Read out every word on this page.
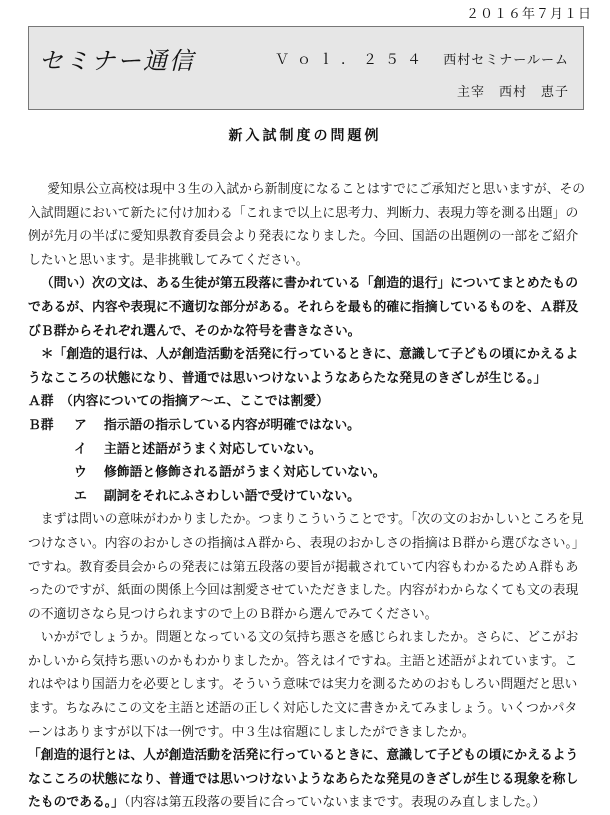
２０１６年７月１日
セミナー通信	Ｖｏｌ．２５４ 西村セミナールーム
主宰 西村　恵子
新入試制度の問題例

愛知県公立高校は現中３生の入試から新制度になることはすでにご承知だと思いますが、その入試問題において新たに付け加わる「これまで以上に思考力、判断力、表現力等を測る出題」の例が先月の半ばに愛知県教育委員会より発表になりました。今回、国語の出題例の一部をご紹介したいと思います。是非挑戦してみてください。

（問い）次の文は、ある生徒が第五段落に書かれている「創造的退行」についてまとめたものであるが、内容や表現に不適切な部分がある。それらを最も的確に指摘しているものを、Ａ群及びＢ群からそれぞれ選んで、そのかな符号を書きなさい。

＊「創造的退行は、人が創造活動を活発に行っているときに、意識して子どもの頃にかえるようなこころの状態になり、普通では思いつけないようなあらたな発見のきざしが生じる。」

Ａ群　（内容についての指摘ア～エ、ここでは割愛）

Ｂ群	ア	指示語の指示している内容が明確ではない。
イ	主語と述語がうまく対応していない。
ウ	修飾語と修飾される語がうまく対応していない。
エ	副詞をそれにふさわしい語で受けていない。

まずは問いの意味がわかりましたか。つまりこういうことです。「次の文のおかしいところを見つけなさい。内容のおかしさの指摘はＡ群から、表現のおかしさの指摘はＢ群から選びなさい。」ですね。教育委員会からの発表には第五段落の要旨が掲載されていて内容もわかるためＡ群もあったのですが、紙面の関係上今回は割愛させていただきました。内容がわからなくても文の表現の不適切さなら見つけられますので上のＢ群から選んでみてください。

いかがでしょうか。問題となっている文の気持ち悪さを感じられましたか。さらに、どこがおかしいから気持ち悪いのかもわかりましたか。答えはイですね。主語と述語がよれています。これはやはり国語力を必要とします。そういう意味では実力を測るためのおもしろい問題だと思います。ちなみにこの文を主語と述語の正しく対応した文に書きかえてみましょう。いくつかパターンはありますが以下は一例です。中３生は宿題にしましたができましたか。

「創造的退行とは、人が創造活動を活発に行っているときに、意識して子どもの頃にかえるようなこころの状態になり、普通では思いつけないようなあらたな発見のきざしが生じる現象を称したものである。」（内容は第五段落の要旨に合っていないままです。表現のみ直しました。）
